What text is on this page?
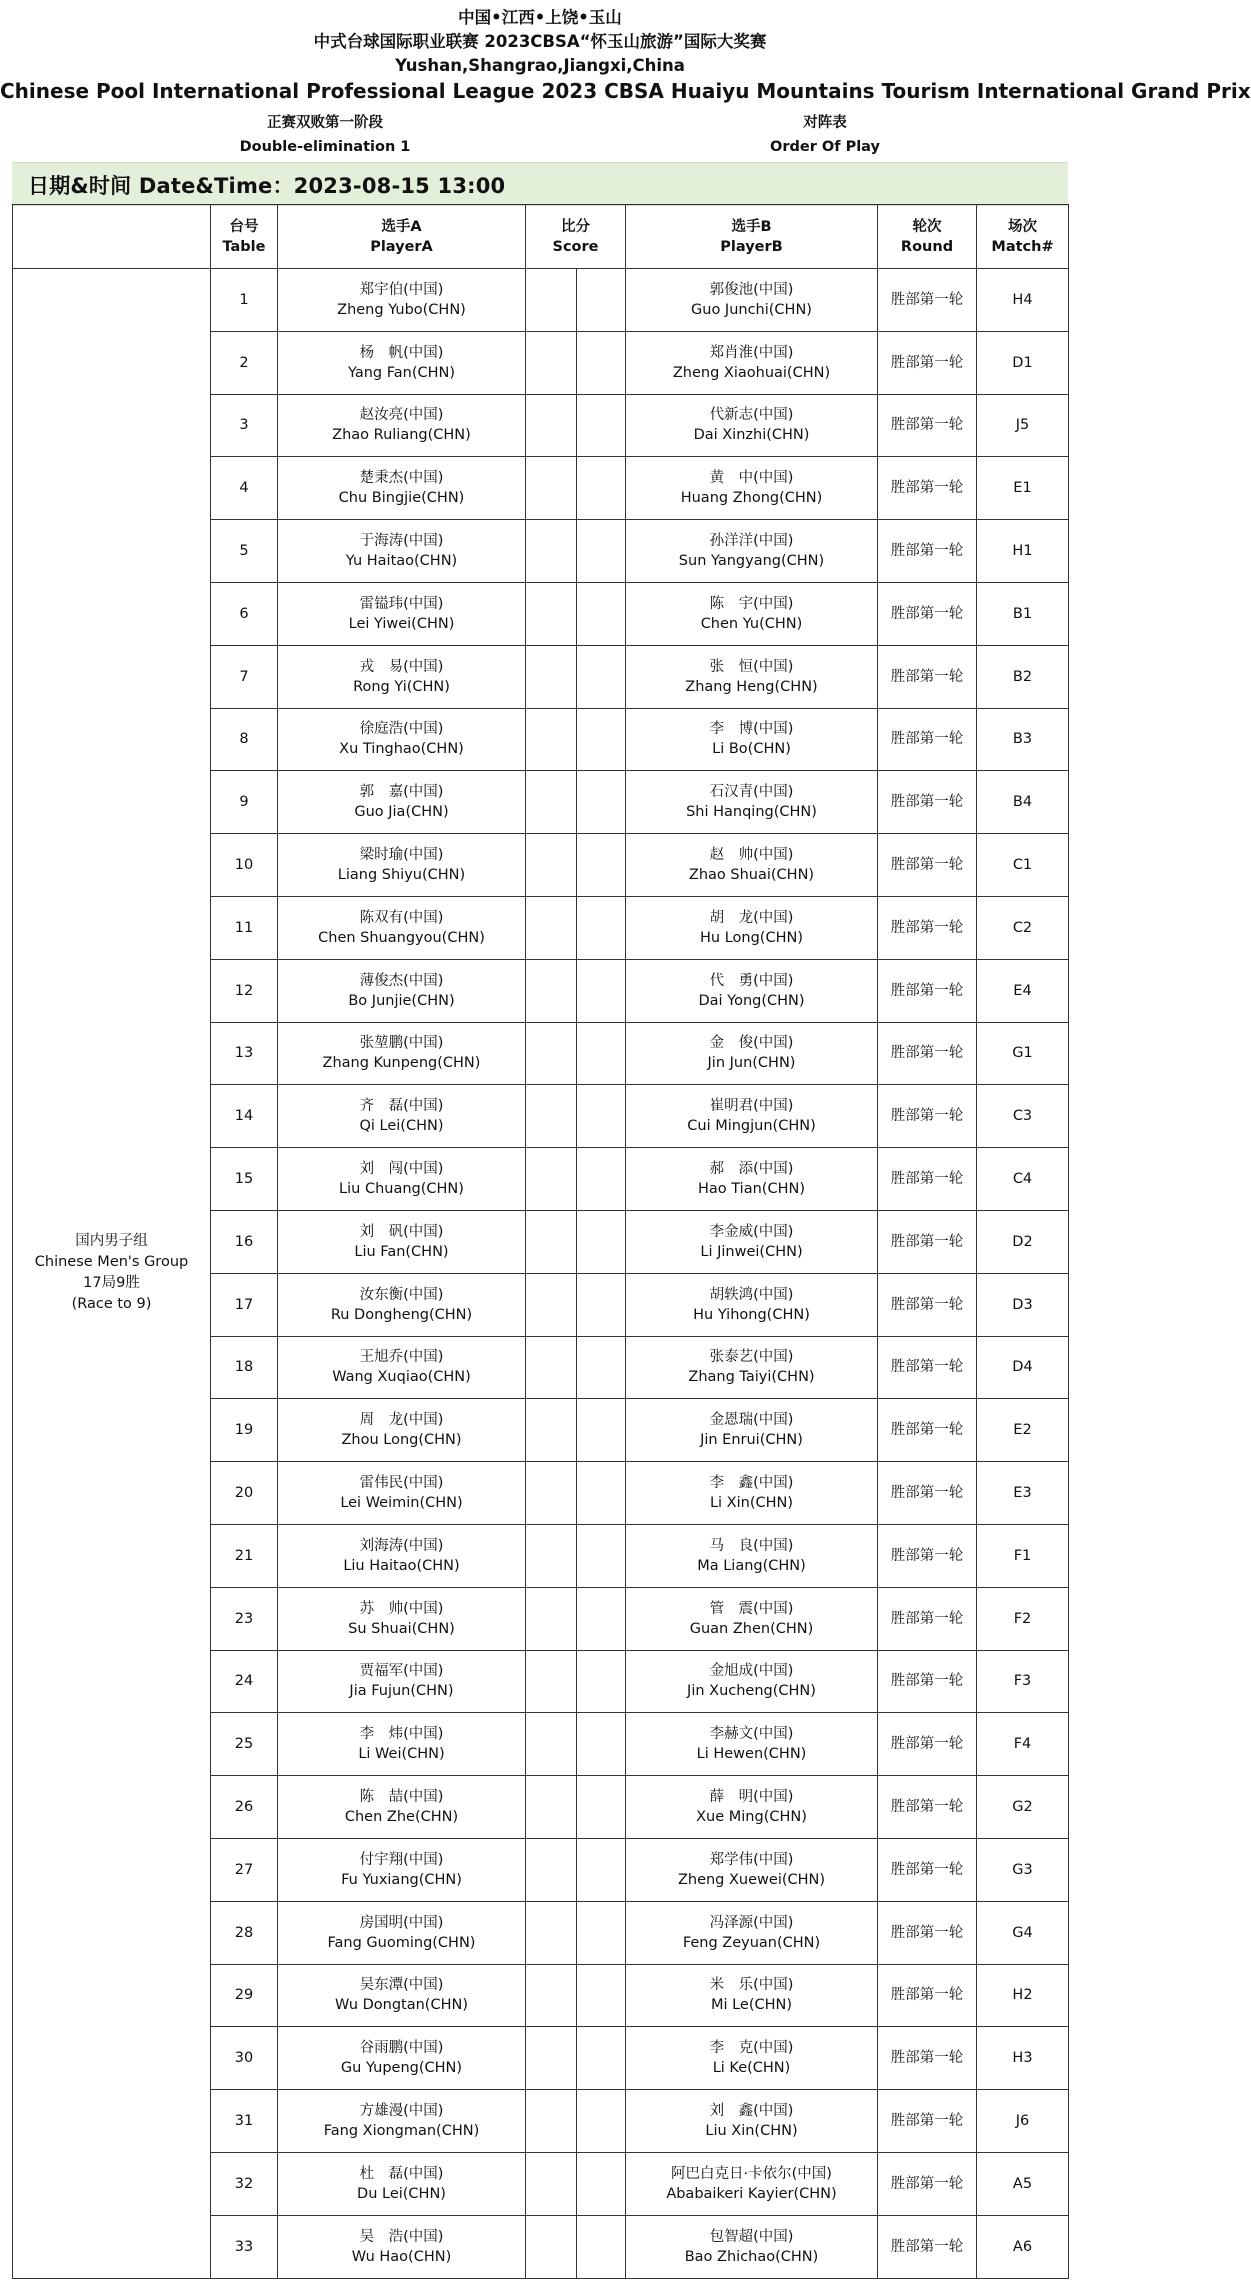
中国•江西•上饶•玉山
中式台球国际职业联赛 2023CBSA“怀玉山旅游”国际大奖赛
Yushan,Shangrao,Jiangxi,China
Chinese Pool International Professional League 2023 CBSA Huaiyu Mountains Tourism International Grand Prix
正赛双败第一阶段
Double-elimination 1
对阵表
Order Of Play
日期&时间 Date&Time：2023-08-15 13:00

	台号
Table	选手A
PlayerA	比分
Score	选手B
PlayerB	轮次
Round	场次
Match#

国内男子组
Chinese Men's Group
17局9胜
(Race to 9)	1	郑宇伯(中国)
Zheng Yubo(CHN)		郭俊池(中国)
Guo Junchi(CHN)	胜部第一轮	H4
	2	杨　帆(中国)
Yang Fan(CHN)		郑肖淮(中国)
Zheng Xiaohuai(CHN)	胜部第一轮	D1
	3	赵汝亮(中国)
Zhao Ruliang(CHN)		代新志(中国)
Dai Xinzhi(CHN)	胜部第一轮	J5
	4	楚秉杰(中国)
Chu Bingjie(CHN)		黄　中(中国)
Huang Zhong(CHN)	胜部第一轮	E1
	5	于海涛(中国)
Yu Haitao(CHN)		孙洋洋(中国)
Sun Yangyang(CHN)	胜部第一轮	H1
	6	雷镒玮(中国)
Lei Yiwei(CHN)		陈　宇(中国)
Chen Yu(CHN)	胜部第一轮	B1
	7	戎　易(中国)
Rong Yi(CHN)		张　恒(中国)
Zhang Heng(CHN)	胜部第一轮	B2
	8	徐庭浩(中国)
Xu Tinghao(CHN)		李　博(中国)
Li Bo(CHN)	胜部第一轮	B3
	9	郭　嘉(中国)
Guo Jia(CHN)		石汉青(中国)
Shi Hanqing(CHN)	胜部第一轮	B4
	10	梁时瑜(中国)
Liang Shiyu(CHN)		赵　帅(中国)
Zhao Shuai(CHN)	胜部第一轮	C1
	11	陈双有(中国)
Chen Shuangyou(CHN)		胡　龙(中国)
Hu Long(CHN)	胜部第一轮	C2
	12	薄俊杰(中国)
Bo Junjie(CHN)		代　勇(中国)
Dai Yong(CHN)	胜部第一轮	E4
	13	张堃鹏(中国)
Zhang Kunpeng(CHN)		金　俊(中国)
Jin Jun(CHN)	胜部第一轮	G1
	14	齐　磊(中国)
Qi Lei(CHN)		崔明君(中国)
Cui Mingjun(CHN)	胜部第一轮	C3
	15	刘　闯(中国)
Liu Chuang(CHN)		郝　添(中国)
Hao Tian(CHN)	胜部第一轮	C4
	16	刘　矾(中国)
Liu Fan(CHN)		李金威(中国)
Li Jinwei(CHN)	胜部第一轮	D2
	17	汝东衡(中国)
Ru Dongheng(CHN)		胡轶鸿(中国)
Hu Yihong(CHN)	胜部第一轮	D3
	18	王旭乔(中国)
Wang Xuqiao(CHN)		张泰艺(中国)
Zhang Taiyi(CHN)	胜部第一轮	D4
	19	周　龙(中国)
Zhou Long(CHN)		金恩瑞(中国)
Jin Enrui(CHN)	胜部第一轮	E2
	20	雷伟民(中国)
Lei Weimin(CHN)		李　鑫(中国)
Li Xin(CHN)	胜部第一轮	E3
	21	刘海涛(中国)
Liu Haitao(CHN)		马　良(中国)
Ma Liang(CHN)	胜部第一轮	F1
	23	苏　帅(中国)
Su Shuai(CHN)		管　震(中国)
Guan Zhen(CHN)	胜部第一轮	F2
	24	贾福军(中国)
Jia Fujun(CHN)		金旭成(中国)
Jin Xucheng(CHN)	胜部第一轮	F3
	25	李　炜(中国)
Li Wei(CHN)		李赫文(中国)
Li Hewen(CHN)	胜部第一轮	F4
	26	陈　喆(中国)
Chen Zhe(CHN)		薛　明(中国)
Xue Ming(CHN)	胜部第一轮	G2
	27	付宇翔(中国)
Fu Yuxiang(CHN)		郑学伟(中国)
Zheng Xuewei(CHN)	胜部第一轮	G3
	28	房国明(中国)
Fang Guoming(CHN)		冯泽源(中国)
Feng Zeyuan(CHN)	胜部第一轮	G4
	29	吴东潭(中国)
Wu Dongtan(CHN)		米　乐(中国)
Mi Le(CHN)	胜部第一轮	H2
	30	谷雨鹏(中国)
Gu Yupeng(CHN)		李　克(中国)
Li Ke(CHN)	胜部第一轮	H3
	31	方雄漫(中国)
Fang Xiongman(CHN)		刘　鑫(中国)
Liu Xin(CHN)	胜部第一轮	J6
	32	杜　磊(中国)
Du Lei(CHN)		阿巴白克日·卡依尔(中国)
Ababaikeri Kayier(CHN)	胜部第一轮	A5
	33	吴　浩(中国)
Wu Hao(CHN)		包智超(中国)
Bao Zhichao(CHN)	胜部第一轮	A6
